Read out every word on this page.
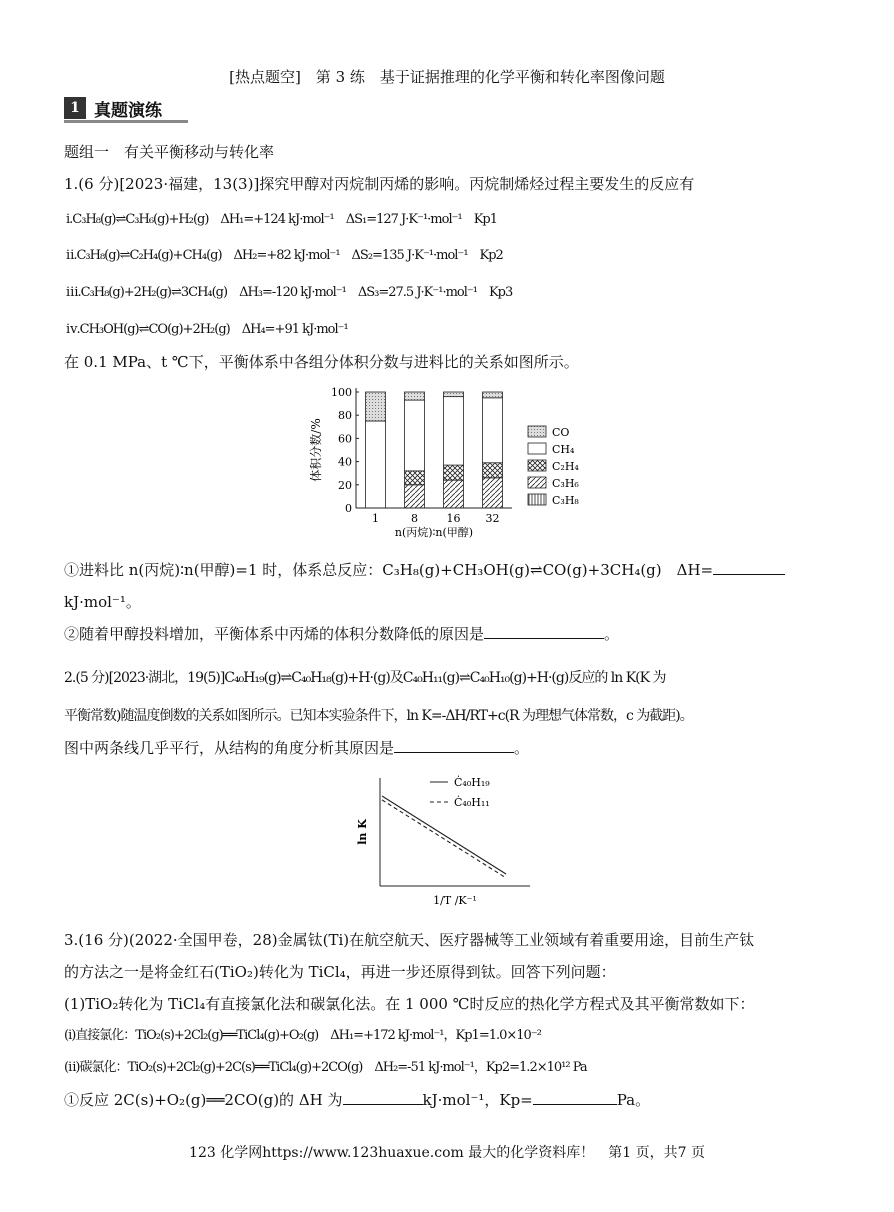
[热点题空]　第 3 练　基于证据推理的化学平衡和转化率图像问题
1 真题演练
题组一　有关平衡移动与转化率
1.(6 分)[2023·福建，13(3)]探究甲醇对丙烷制丙烯的影响。丙烷制烯烃过程主要发生的反应有
ⅰ.C₃H₈(g)⇌C₃H₆(g)+H₂(g)　ΔH₁=+124 kJ·mol⁻¹　ΔS₁=127 J·K⁻¹·mol⁻¹　Kp1
ⅱ.C₃H₈(g)⇌C₂H₄(g)+CH₄(g)　ΔH₂=+82 kJ·mol⁻¹　ΔS₂=135 J·K⁻¹·mol⁻¹　Kp2
ⅲ.C₃H₈(g)+2H₂(g)⇌3CH₄(g)　ΔH₃=-120 kJ·mol⁻¹　ΔS₃=27.5 J·K⁻¹·mol⁻¹　Kp3
ⅳ.CH₃OH(g)⇌CO(g)+2H₂(g)　ΔH₄=+91 kJ·mol⁻¹
在 0.1 MPa、t ℃下，平衡体系中各组分体积分数与进料比的关系如图所示。
1	8	16 32
0
20
40
60
80
100
体积分数/%
n(丙烷)∶n(甲醇)
CO
CH₄
C₂H₄
C₃H₆
C₃H₈
①进料比 n(丙烷)∶n(甲醇)=1 时，体系总反应：C₃H₈(g)+CH₃OH(g)⇌CO(g)+3CH₄(g)　ΔH=
kJ·mol⁻¹。
②随着甲醇投料增加，平衡体系中丙烯的体积分数降低的原因是	。
2.(5 分)[2023·湖北，19(5)]C₄₀H₁₉(g)⇌C₄₀H₁₈(g)+H·(g)及C₄₀H₁₁(g)⇌C₄₀H₁₀(g)+H·(g)反应的 ln K(K 为
平衡常数)随温度倒数的关系如图所示。已知本实验条件下，ln K=-ΔH/RT+c(R 为理想气体常数，c 为截距)。
图中两条线几乎平行，从结构的角度分析其原因是	。
ln K
1/T /K⁻¹
Ċ₄₀H₁₉
Ċ₄₀H₁₁
3.(16 分)(2022·全国甲卷，28)金属钛(Ti)在航空航天、医疗器械等工业领域有着重要用途，目前生产钛
的方法之一是将金红石(TiO₂)转化为 TiCl₄，再进一步还原得到钛。回答下列问题：
(1)TiO₂转化为 TiCl₄有直接氯化法和碳氯化法。在 1 000 ℃时反应的热化学方程式及其平衡常数如下：
(ⅰ)直接氯化：TiO₂(s)+2Cl₂(g)══TiCl₄(g)+O₂(g)　ΔH₁=+172 kJ·mol⁻¹，Kp1=1.0×10⁻²
(ⅱ)碳氯化：TiO₂(s)+2Cl₂(g)+2C(s)══TiCl₄(g)+2CO(g)　ΔH₂=-51 kJ·mol⁻¹，Kp2=1.2×10¹² Pa
①反应 2C(s)+O₂(g)══2CO(g)的 ΔH 为	kJ·mol⁻¹，Kp=	Pa。
123 化学网https://www.123huaxue.com 最大的化学资料库！　第1 页，共7 页
